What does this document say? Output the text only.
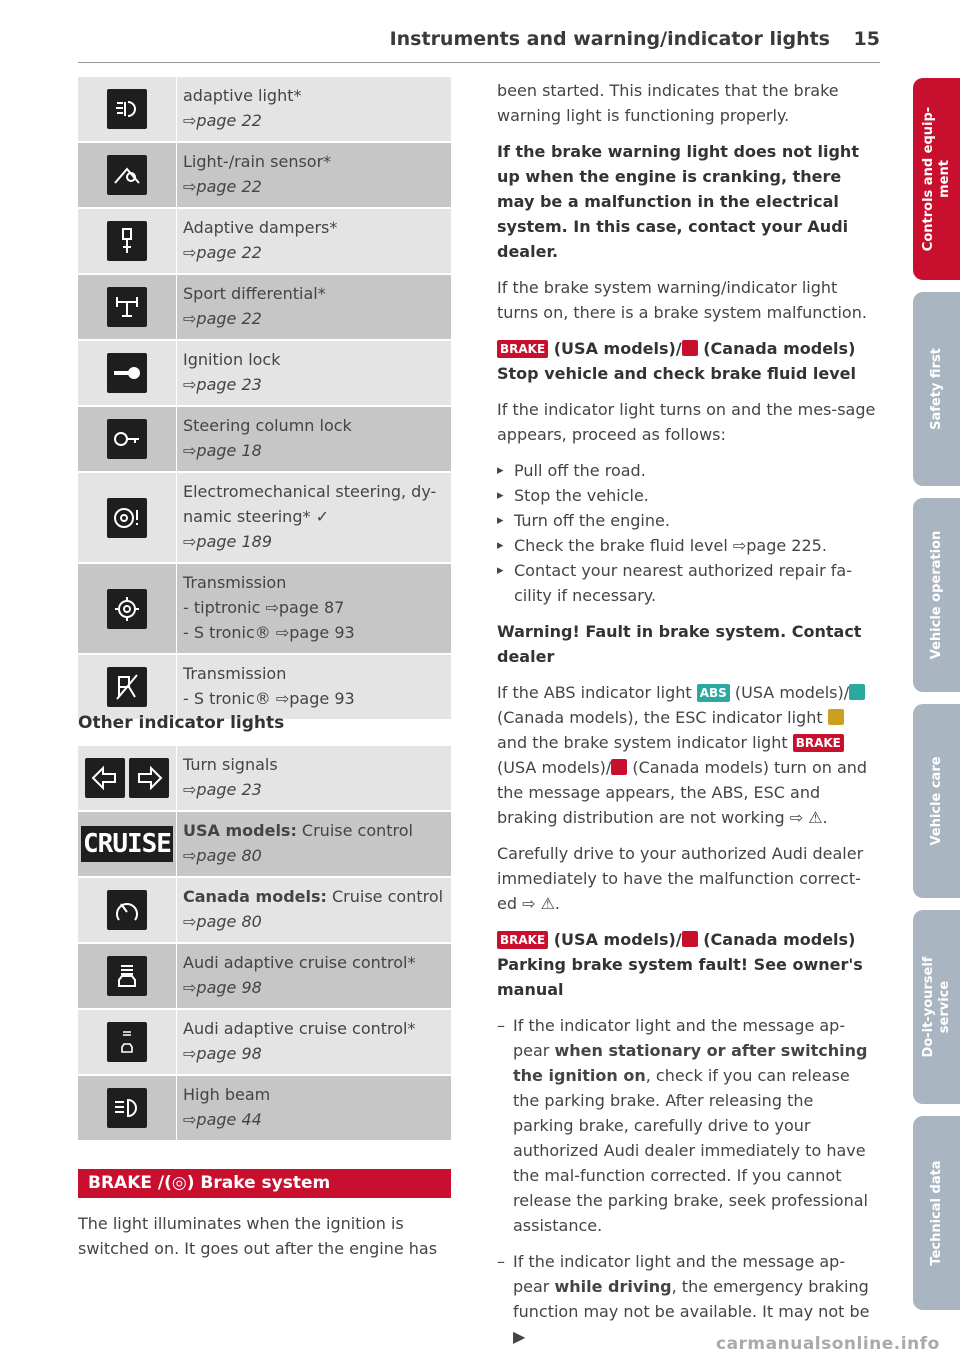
Instruments and warning/indicator lights 15
adaptive light*
⇨page 22
Light-/rain sensor*
⇨page 22
Adaptive dampers*
⇨page 22
Sport differential*
⇨page 22
Ignition lock
⇨page 23
Steering column lock
⇨page 18
Electromechanical steering, dy-
namic steering* ✓
⇨page 189
Transmission
- tiptronic ⇨page 87
- S tronic® ⇨page 93
Transmission
- S tronic® ⇨page 93
Other indicator lights
Turn signals
⇨page 23
CRUISE USA models: Cruise control
⇨page 80
Canada models: Cruise control
⇨page 80
Audi adaptive cruise control*
⇨page 98
Audi adaptive cruise control*
⇨page 98
High beam
⇨page 44
BRAKE /(◎) Brake system
The light illuminates when the ignition is switched on. It goes out after the engine has

been started. This indicates that the brake warning light is functioning properly.

If the brake warning light does not light up when the engine is cranking, there may be a malfunction in the electrical system. In this case, contact your Audi dealer.

If the brake system warning/indicator light turns on, there is a brake system malfunction.

BRAKE (USA models)/ (Canada models)
Stop vehicle and check brake fluid level

If the indicator light turns on and the mes-sage appears, proceed as follows:

▸ Pull off the road.
▸ Stop the vehicle.
▸ Turn off the engine.
▸ Check the brake fluid level ⇨page 225.
▸ Contact your nearest authorized repair fa-cility if necessary.

Warning! Fault in brake system. Contact dealer

If the ABS indicator light ABS (USA models)/ (Canada models), the ESC indicator light  and the brake system indicator light BRAKE (USA models)/ (Canada models) turn on and the message appears, the ABS, ESC and braking distribution are not working ⇨ ⚠.

Carefully drive to your authorized Audi dealer immediately to have the malfunction correct-ed ⇨ ⚠.

BRAKE (USA models)/ (Canada models)
Parking brake system fault! See owner's manual

– If the indicator light and the message ap-pear when stationary or after switching the ignition on, check if you can release the parking brake. After releasing the parking brake, carefully drive to your authorized Audi dealer immediately to have the mal-function corrected. If you cannot release the parking brake, seek professional assistance.
– If the indicator light and the message ap-pear while driving, the emergency braking function may not be available. It may not be ▶
Controls and equip- ment
Safety first
Vehicle operation
Vehicle care
Do-it-yourself service
Technical data
carmanualsonline.info
